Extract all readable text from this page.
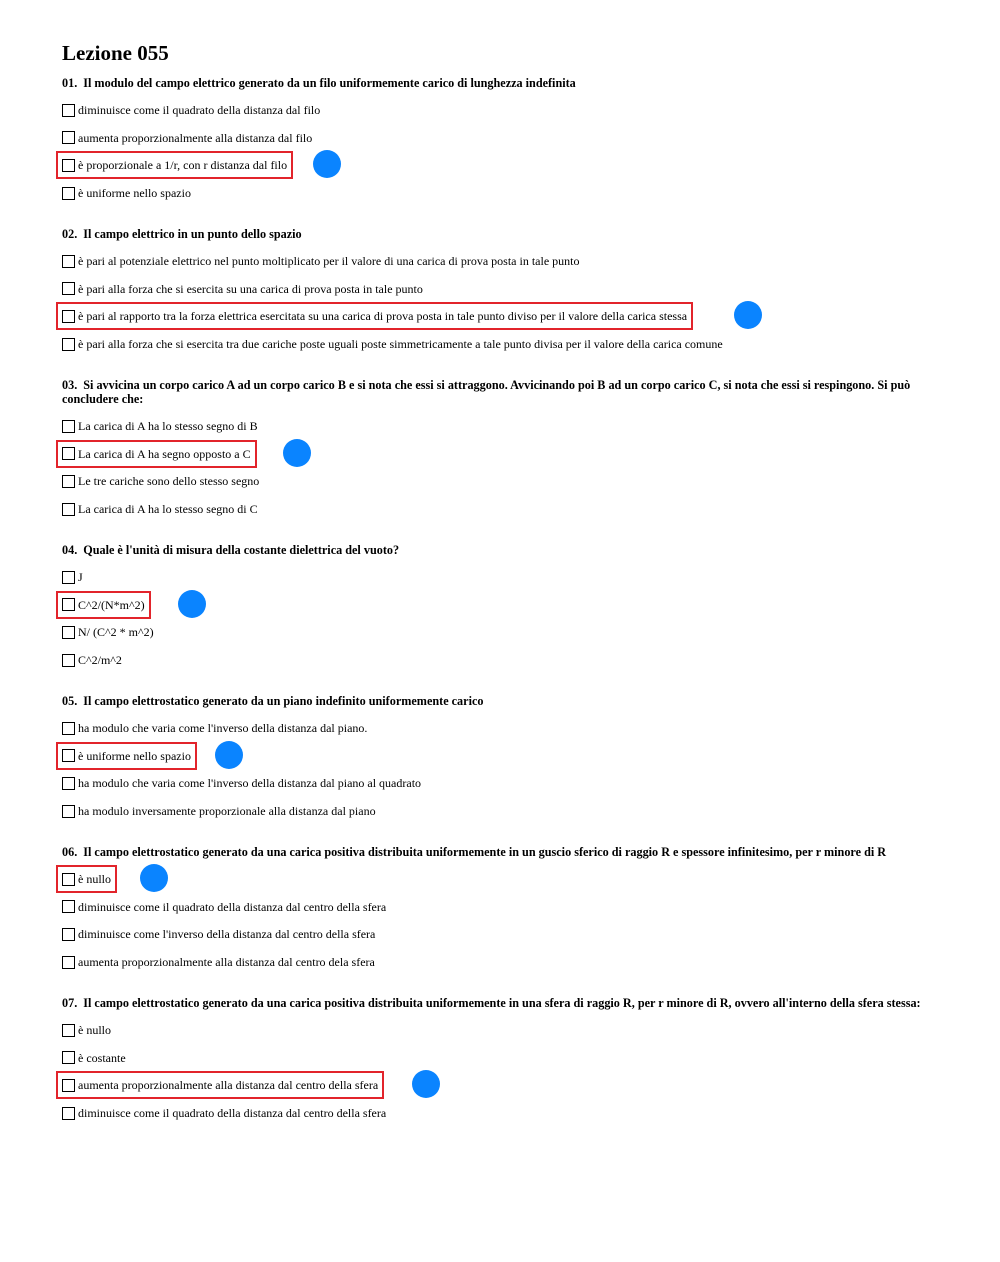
Lezione 055

01. Il modulo del campo elettrico generato da un filo uniformemente carico di lunghezza indefinita

diminuisce come il quadrato della distanza dal filo
aumenta proporzionalmente alla distanza dal filo
è proporzionale a 1/r, con r distanza dal filo
è uniforme nello spazio

02. Il campo elettrico in un punto dello spazio

è pari al potenziale elettrico nel punto moltiplicato per il valore di una carica di prova posta in tale punto
è pari alla forza che si esercita su una carica di prova posta in tale punto
è pari al rapporto tra la forza elettrica esercitata su una carica di prova posta in tale punto diviso per il valore della carica stessa
è pari alla forza che si esercita tra due cariche poste uguali poste simmetricamente a tale punto divisa per il valore della carica comune

03. Si avvicina un corpo carico A ad un corpo carico B e si nota che essi si attraggono. Avvicinando poi B ad un corpo carico C, si nota che essi si respingono. Si può concludere che:

La carica di A ha lo stesso segno di B
La carica di A ha segno opposto a C
Le tre cariche sono dello stesso segno
La carica di A ha lo stesso segno di C

04. Quale è l'unità di misura della costante dielettrica del vuoto?

J
C^2/(N*m^2)
N/ (C^2 * m^2)
C^2/m^2

05. Il campo elettrostatico generato da un piano indefinito uniformemente carico

ha modulo che varia come l'inverso della distanza dal piano.
è uniforme nello spazio
ha modulo che varia come l'inverso della distanza dal piano al quadrato
ha modulo inversamente proporzionale alla distanza dal piano

06. Il campo elettrostatico generato da una carica positiva distribuita uniformemente in un guscio sferico di raggio R e spessore infinitesimo, per r minore di R

è nullo
diminuisce come il quadrato della distanza dal centro della sfera
diminuisce come l'inverso della distanza dal centro della sfera
aumenta proporzionalmente alla distanza dal centro dela sfera

07. Il campo elettrostatico generato da una carica positiva distribuita uniformemente in una sfera di raggio R, per r minore di R, ovvero all'interno della sfera stessa:

è nullo
è costante
aumenta proporzionalmente alla distanza dal centro della sfera
diminuisce come il quadrato della distanza dal centro della sfera
